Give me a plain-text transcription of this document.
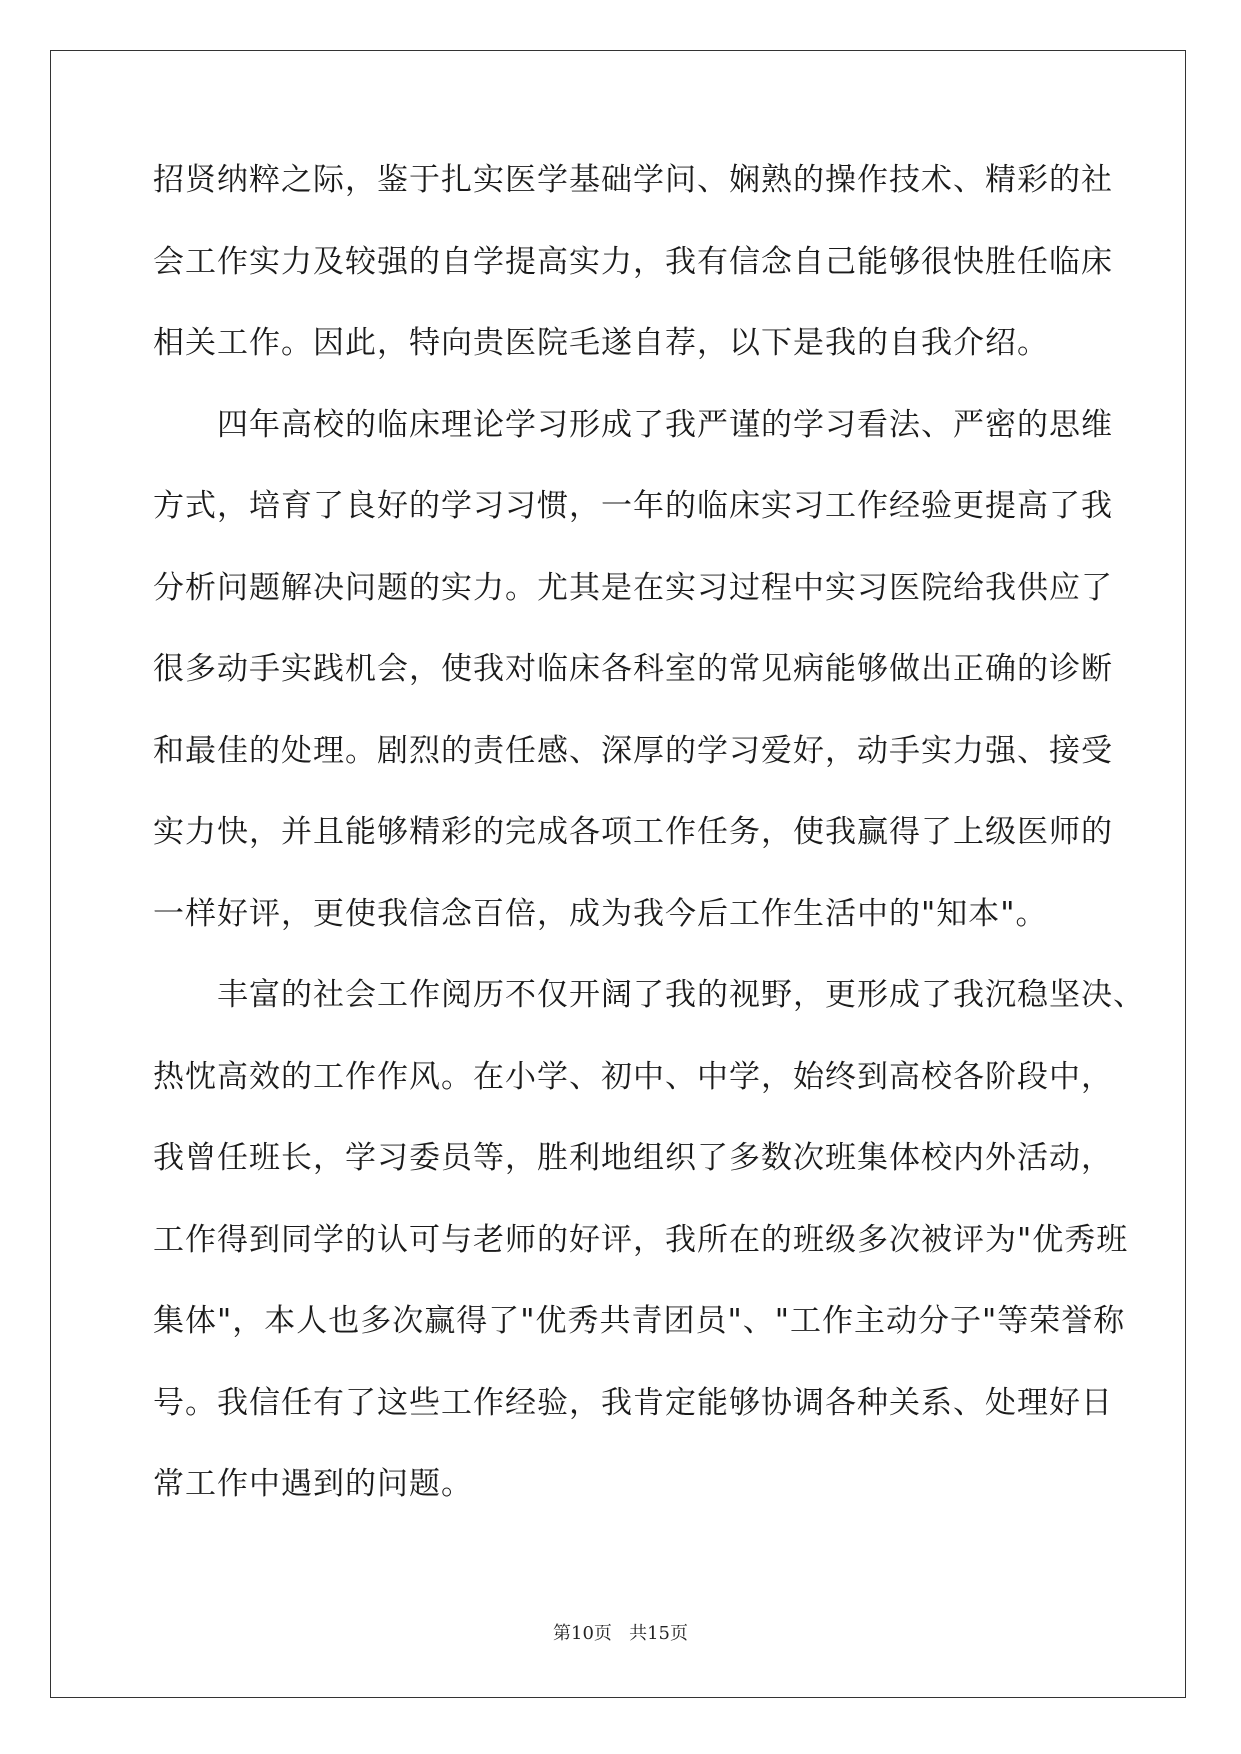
招贤纳粹之际，鉴于扎实医学基础学问、娴熟的操作技术、精彩的社
会工作实力及较强的自学提高实力，我有信念自己能够很快胜任临床
相关工作。因此，特向贵医院毛遂自荐，以下是我的自我介绍。
　　四年高校的临床理论学习形成了我严谨的学习看法、严密的思维
方式，培育了良好的学习习惯，一年的临床实习工作经验更提高了我
分析问题解决问题的实力。尤其是在实习过程中实习医院给我供应了
很多动手实践机会，使我对临床各科室的常见病能够做出正确的诊断
和最佳的处理。剧烈的责任感、深厚的学习爱好，动手实力强、接受
实力快，并且能够精彩的完成各项工作任务，使我赢得了上级医师的
一样好评，更使我信念百倍，成为我今后工作生活中的"知本"。
　　丰富的社会工作阅历不仅开阔了我的视野，更形成了我沉稳坚决、
热忱高效的工作作风。在小学、初中、中学，始终到高校各阶段中，
我曾任班长，学习委员等，胜利地组织了多数次班集体校内外活动，
工作得到同学的认可与老师的好评，我所在的班级多次被评为"优秀班
集体"，本人也多次赢得了"优秀共青团员"、"工作主动分子"等荣誉称
号。我信任有了这些工作经验，我肯定能够协调各种关系、处理好日
常工作中遇到的问题。
第10页 共15页
